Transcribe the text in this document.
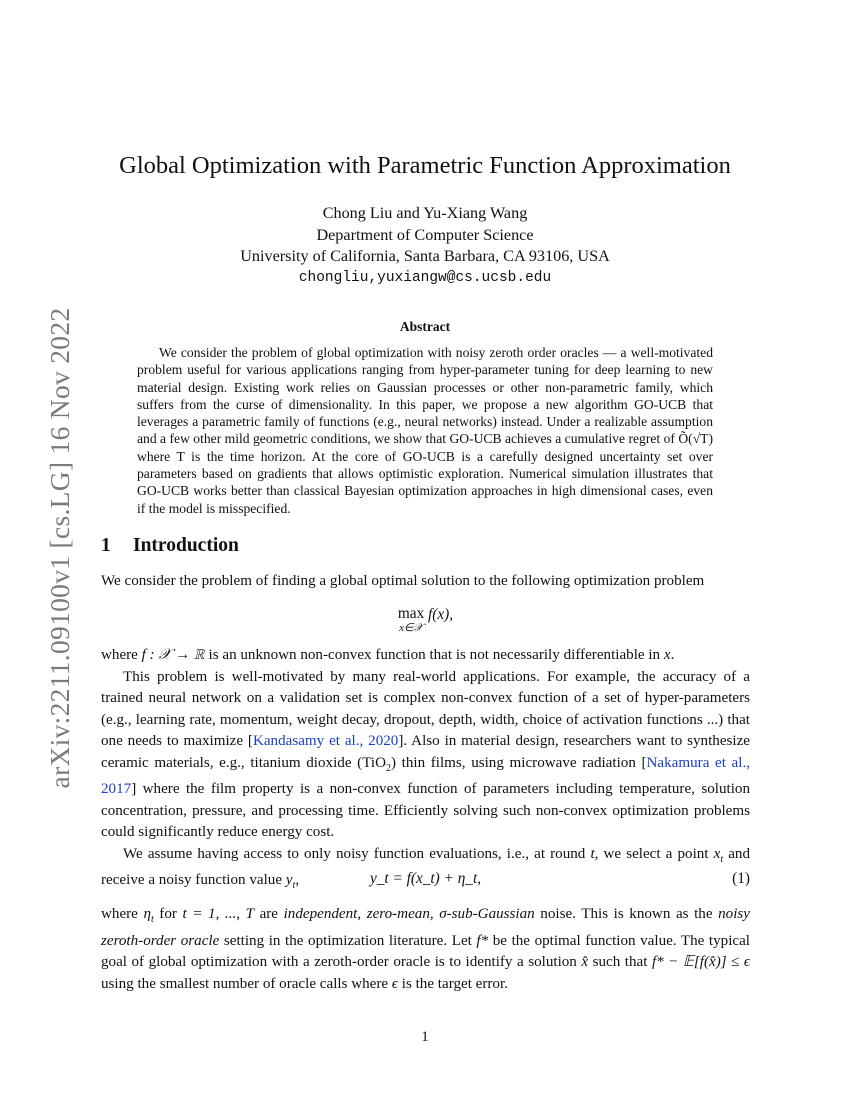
arXiv:2211.09100v1 [cs.LG] 16 Nov 2022
Global Optimization with Parametric Function Approximation
Chong Liu and Yu-Xiang Wang
Department of Computer Science
University of California, Santa Barbara, CA 93106, USA
chongliu,yuxiangw@cs.ucsb.edu
Abstract

We consider the problem of global optimization with noisy zeroth order oracles — a well-motivated problem useful for various applications ranging from hyper-parameter tuning for deep learning to new material design. Existing work relies on Gaussian processes or other non-parametric family, which suffers from the curse of dimensionality. In this paper, we propose a new algorithm GO-UCB that leverages a parametric family of functions (e.g., neural networks) instead. Under a realizable assumption and a few other mild geometric conditions, we show that GO-UCB achieves a cumulative regret of Õ(√T) where T is the time horizon. At the core of GO-UCB is a carefully designed uncertainty set over parameters based on gradients that allows optimistic exploration. Numerical simulation illustrates that GO-UCB works better than classical Bayesian optimization approaches in high dimensional cases, even if the model is misspecified.

1 Introduction

We consider the problem of finding a global optimal solution to the following optimization problem

max
x∈𝒳
f(x),

where f : 𝒳 → ℝ is an unknown non-convex function that is not necessarily differentiable in x.

This problem is well-motivated by many real-world applications. For example, the accuracy of a trained neural network on a validation set is complex non-convex function of a set of hyper-parameters (e.g., learning rate, momentum, weight decay, dropout, depth, width, choice of activation functions ...) that one needs to maximize [Kandasamy et al., 2020]. Also in material design, researchers want to synthesize ceramic materials, e.g., titanium dioxide (TiO$_2$) thin films, using microwave radiation [Nakamura et al., 2017] where the film property is a non-convex function of parameters including temperature, solution concentration, pressure, and processing time. Efficiently solving such non-convex optimization problems could significantly reduce energy cost.

We assume having access to only noisy function evaluations, i.e., at round t, we select a point $x_t$ and receive a noisy function value $y_t$,	y_t = f(x_t) + η_t,	(1)

where $\eta_t$ for t = 1, ..., T are independent, zero-mean, σ-sub-Gaussian noise. This is known as the noisy zeroth-order oracle setting in the optimization literature. Let f* be the optimal function value. The typical goal of global optimization with a zeroth-order oracle is to identify a solution x̂ such that f* − 𝔼[f(x̂)] ≤ ϵ using the smallest number of oracle calls where ϵ is the target error.

1
